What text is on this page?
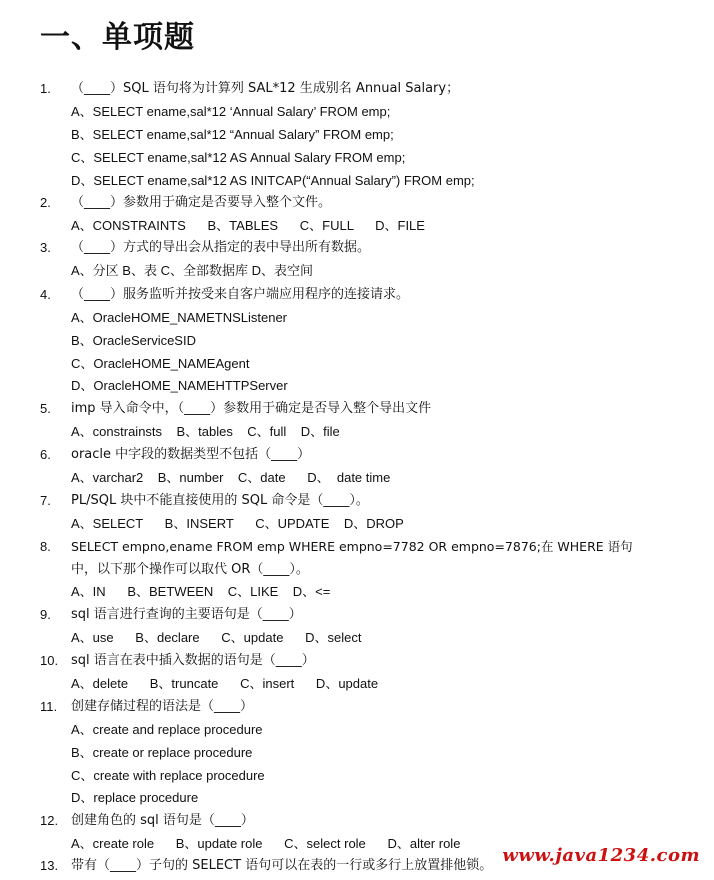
一、单项题
1.	（____）SQL 语句将为计算列 SAL*12 生成别名 Annual Salary；
A、SELECT ename,sal*12 ‘Annual Salary’ FROM emp;
B、SELECT ename,sal*12 “Annual Salary” FROM emp;
C、SELECT ename,sal*12 AS Annual Salary FROM emp;
D、SELECT ename,sal*12 AS INITCAP(“Annual Salary”) FROM emp;
2.	（____）参数用于确定是否要导入整个文件。
A、CONSTRAINTS      B、TABLES      C、FULL      D、FILE
3.	（____）方式的导出会从指定的表中导出所有数据。
A、分区 B、表 C、全部数据库 D、表空间
4.	（____）服务监听并按受来自客户端应用程序的连接请求。
A、OracleHOME_NAMETNSListener
B、OracleServiceSID
C、OracleHOME_NAMEAgent
D、OracleHOME_NAMEHTTPServer
5.	imp 导入命令中，（____）参数用于确定是否导入整个导出文件
A、constrainsts    B、tables    C、full    D、file
6.	oracle 中字段的数据类型不包括（____）
A、varchar2    B、number    C、date      D、  date time
7.	PL/SQL 块中不能直接使用的 SQL 命令是（____）。
A、SELECT      B、INSERT      C、UPDATE    D、DROP
8.	SELECT empno,ename FROM emp WHERE empno=7782 OR empno=7876;在 WHERE 语句
中，以下那个操作可以取代 OR（____）。
A、IN      B、BETWEEN    C、LIKE    D、<=
9.	sql 语言进行查询的主要语句是（____）
A、use      B、declare      C、update      D、select
10. sql 语言在表中插入数据的语句是（____）
A、delete      B、truncate      C、insert      D、update
11.	创建存储过程的语法是（____）
A、create and replace procedure
B、create or replace procedure
C、create with replace procedure
D、replace procedure
12. 创建角色的 sql 语句是（____）
A、create role      B、update role      C、select role      D、alter role
13. 带有（____）子句的 SELECT 语句可以在表的一行或多行上放置排他锁。 www.java1234.com
